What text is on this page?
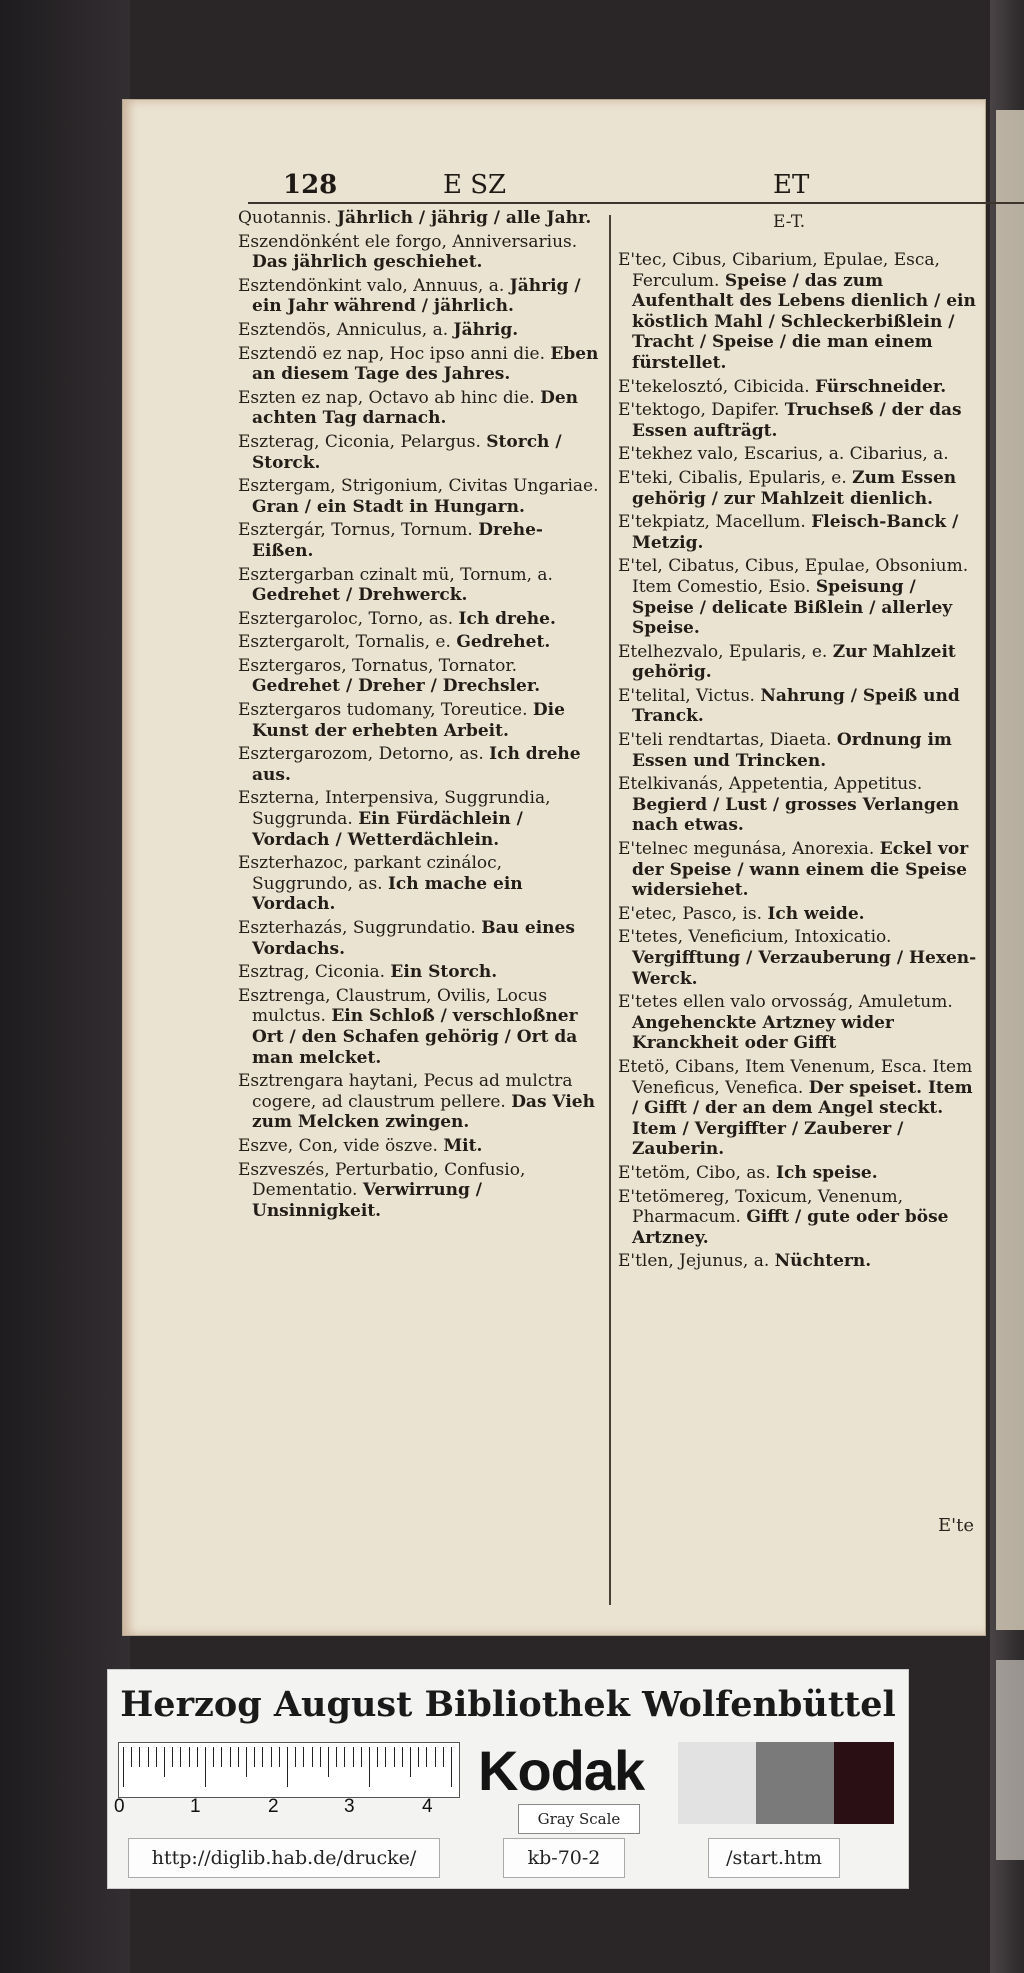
128	E SZ	ET
E-T.
Quotannis. Jährlich / jährig / alle Jahr.
Eszendönként ele forgo, Anniversarius. Das jährlich geschiehet.
Esztendönkint valo, Annuus, a. Jährig / ein Jahr während / jährlich.
Esztendös, Anniculus, a. Jährig.
Esztendö ez nap, Hoc ipso anni die. Eben an diesem Tage des Jahres.
Eszten ez nap, Octavo ab hinc die. Den achten Tag darnach.
Eszterag, Ciconia, Pelargus. Storch / Storck.
Esztergam, Strigonium, Civitas Ungariae. Gran / ein Stadt in Hungarn.
Esztergár, Tornus, Tornum. Drehe-Eißen.
Esztergarban czinalt mü, Tornum, a. Gedrehet / Drehwerck.
Esztergaroloc, Torno, as. Ich drehe.
Esztergarolt, Tornalis, e. Gedrehet.
Esztergaros, Tornatus, Tornator. Gedrehet / Dreher / Drechsler.
Esztergaros tudomany, Toreutice. Die Kunst der erhebten Arbeit.
Esztergarozom, Detorno, as. Ich drehe aus.
Eszterna, Interpensiva, Suggrundia, Suggrunda. Ein Fürdächlein / Vordach / Wetterdächlein.
Eszterhazoc, parkant czináloc, Suggrundo, as. Ich mache ein Vordach.
Eszterhazás, Suggrundatio. Bau eines Vordachs.
Esztrag, Ciconia. Ein Storch.
Esztrenga, Claustrum, Ovilis, Locus mulctus. Ein Schloß / verschloßner Ort / den Schafen gehörig / Ort da man melcket.
Esztrengara haytani, Pecus ad mulctra cogere, ad claustrum pellere. Das Vieh zum Melcken zwingen.
Eszve, Con, vide öszve. Mit.
Eszveszés, Perturbatio, Confusio, Dementatio. Verwirrung / Unsinnigkeit.
E'tec, Cibus, Cibarium, Epulae, Esca, Ferculum. Speise / das zum Aufenthalt des Lebens dienlich / ein köstlich Mahl / Schleckerbißlein / Tracht / Speise / die man einem fürstellet.
E'tekelosztó, Cibicida. Fürschneider.
E'tektogo, Dapifer. Truchseß / der das Essen aufträgt.
E'tekhez valo, Escarius, a. Cibarius, a.
E'teki, Cibalis, Epularis, e. Zum Essen gehörig / zur Mahlzeit dienlich.
E'tekpiatz, Macellum. Fleisch-Banck / Metzig.
E'tel, Cibatus, Cibus, Epulae, Obsonium. Item Comestio, Esio. Speisung / Speise / delicate Bißlein / allerley Speise.
Etelhezvalo, Epularis, e. Zur Mahlzeit gehörig.
E'telital, Victus. Nahrung / Speiß und Tranck.
E'teli rendtartas, Diaeta. Ordnung im Essen und Trincken.
Etelkivanás, Appetentia, Appetitus. Begierd / Lust / grosses Verlangen nach etwas.
E'telnec megunása, Anorexia. Eckel vor der Speise / wann einem die Speise widersiehet.
E'etec, Pasco, is. Ich weide.
E'tetes, Veneficium, Intoxicatio. Vergifftung / Verzauberung / Hexen-Werck.
E'tetes ellen valo orvosság, Amuletum. Angehenckte Artzney wider Kranckheit oder Gifft
Etetö, Cibans, Item Venenum, Esca. Item Veneficus, Venefica. Der speiset. Item / Gifft / der an dem Angel steckt. Item / Vergiffter / Zauberer / Zauberin.
E'tetöm, Cibo, as. Ich speise.
E'tetömereg, Toxicum, Venenum, Pharmacum. Gifft / gute oder böse Artzney.
E'tlen, Jejunus, a. Nüchtern.
E'te
Herzog August Bibliothek Wolfenbüttel
0	1	2	3	4
Kodak
Gray Scale
http://diglib.hab.de/drucke/	kb-70-2	/start.htm
